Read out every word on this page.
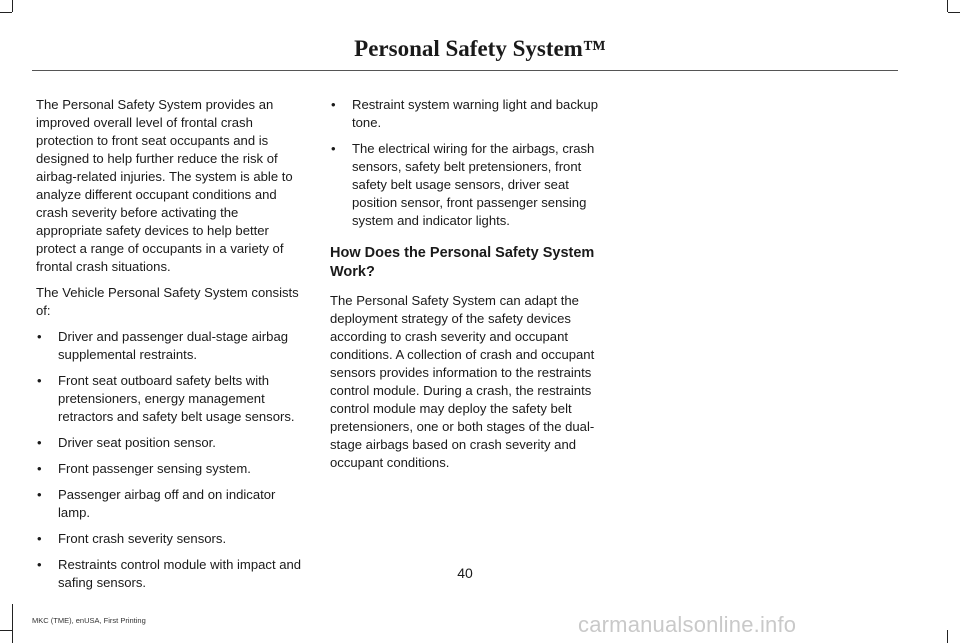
Personal Safety System™

The Personal Safety System provides an improved overall level of frontal crash protection to front seat occupants and is designed to help further reduce the risk of airbag-related injuries. The system is able to analyze different occupant conditions and crash severity before activating the appropriate safety devices to help better protect a range of occupants in a variety of frontal crash situations.

The Vehicle Personal Safety System consists of:

• Driver and passenger dual-stage airbag supplemental restraints.
• Front seat outboard safety belts with pretensioners, energy management retractors and safety belt usage sensors.
• Driver seat position sensor.
• Front passenger sensing system.
• Passenger airbag off and on indicator lamp.
• Front crash severity sensors.
• Restraints control module with impact and safing sensors.
• Restraint system warning light and backup tone.
• The electrical wiring for the airbags, crash sensors, safety belt pretensioners, front safety belt usage sensors, driver seat position sensor, front passenger sensing system and indicator lights.
How Does the Personal Safety System Work?

The Personal Safety System can adapt the deployment strategy of the safety devices according to crash severity and occupant conditions. A collection of crash and occupant sensors provides information to the restraints control module. During a crash, the restraints control module may deploy the safety belt pretensioners, one or both stages of the dual-stage airbags based on crash severity and occupant conditions.

40
MKC (TME), enUSA, First Printing	carmanualsonline.info
